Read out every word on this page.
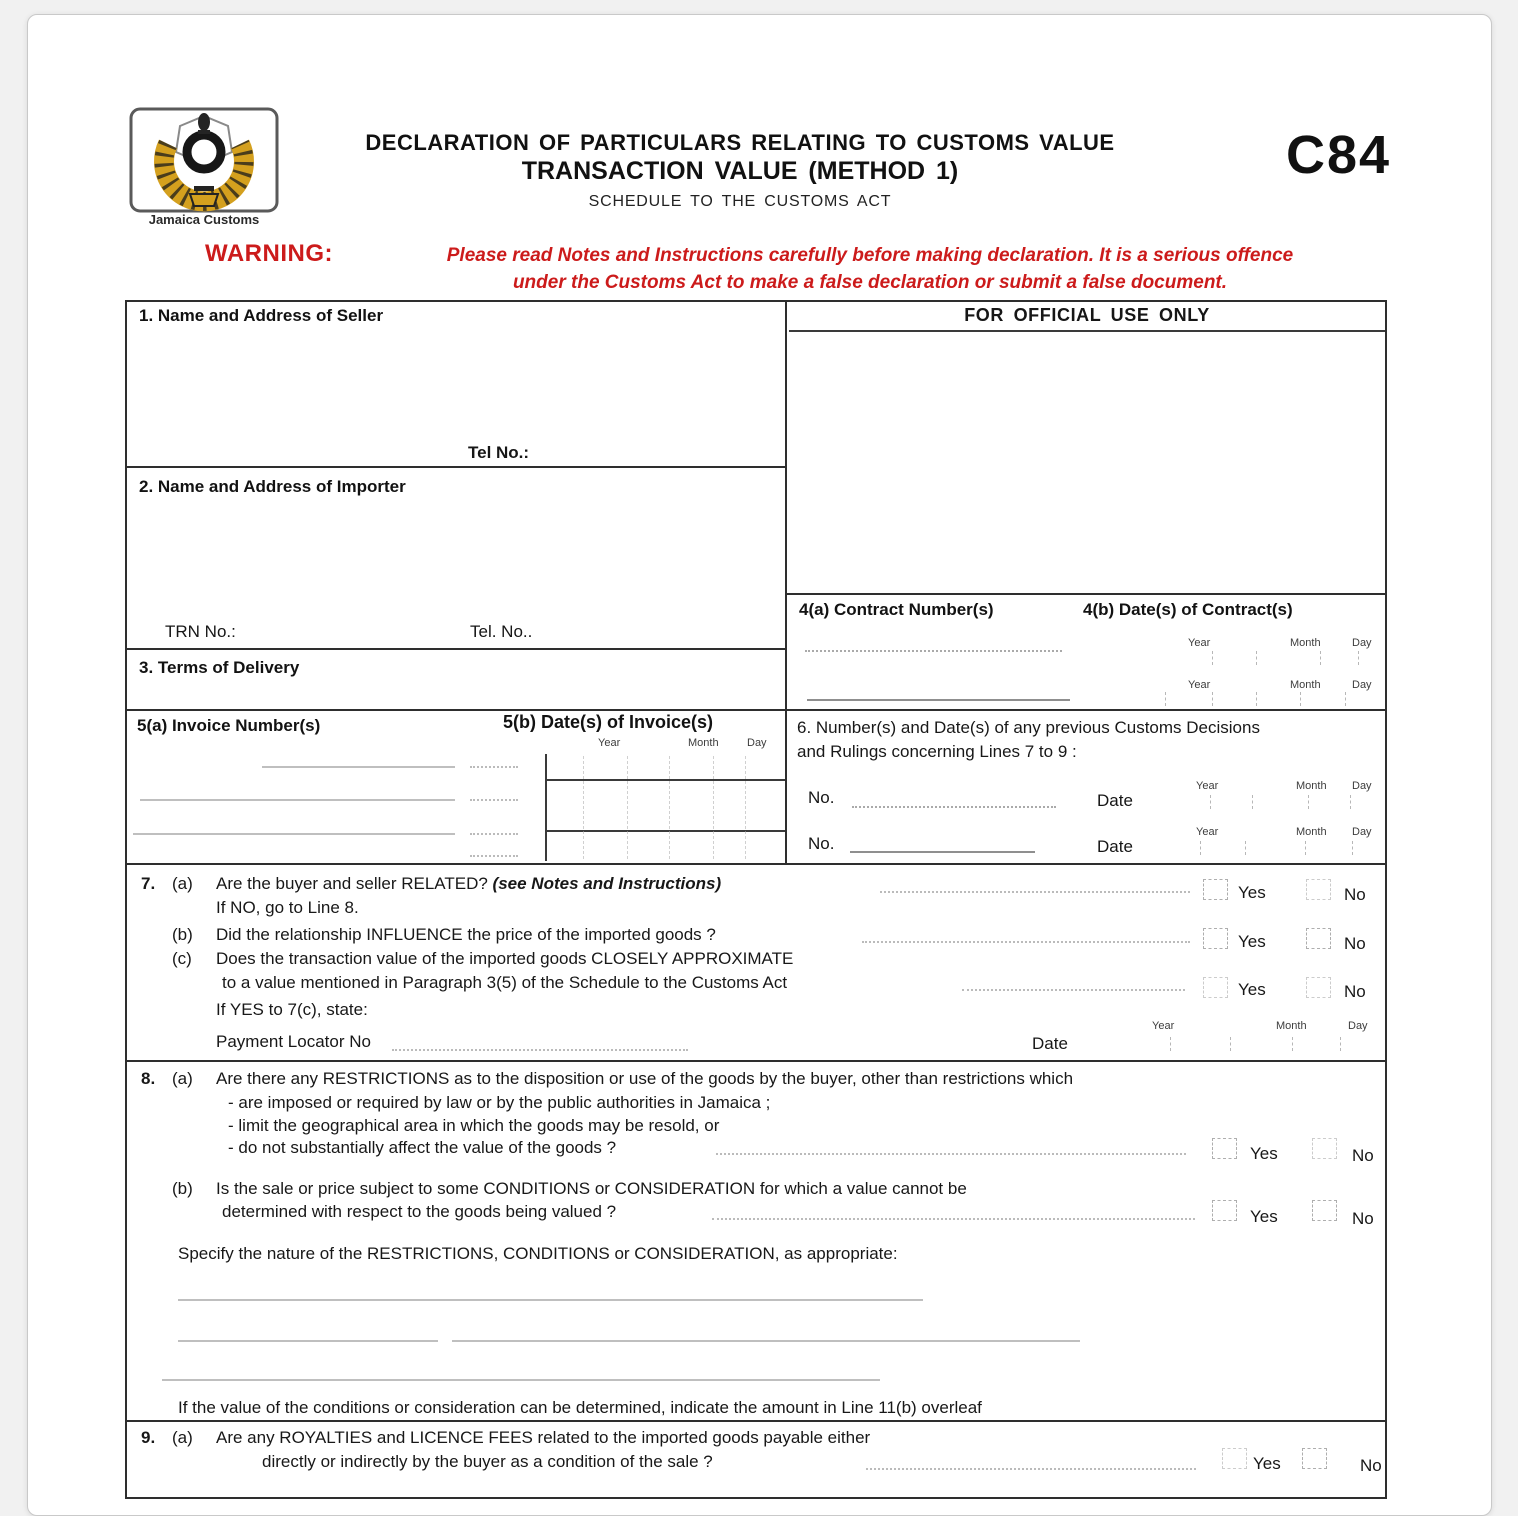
Jamaica Customs
DECLARATION OF PARTICULARS RELATING TO CUSTOMS VALUE
TRANSACTION VALUE (METHOD 1)
SCHEDULE TO THE CUSTOMS ACT
C84
WARNING:	Please read Notes and Instructions carefully before making declaration. It is a serious offence
under the Customs Act to make a false declaration or submit a false document.
1. Name and Address of Seller
Tel No.:
2. Name and Address of Importer
TRN No.:	Tel. No..
3. Terms of Delivery
4(a) Contract Number(s)	4(b) Date(s) of Contract(s)
Year	Month	Day
Year	Month	Day
5(a) Invoice Number(s)	5(b) Date(s) of Invoice(s)
Year	Month	Day
FOR OFFICIAL USE ONLY
6. Number(s) and Date(s) of any previous Customs Decisions
and Rulings concerning Lines 7 to 9 :
No.	Date
Year	Month Day
No.	Date
Year	Month Day
7. (a) Are the buyer and seller RELATED? (see Notes and Instructions)	Yes	No
If NO, go to Line 8.
(b) Did the relationship INFLUENCE the price of the imported goods ?	Yes	No
(c) Does the transaction value of the imported goods CLOSELY APPROXIMATE
to a value mentioned in Paragraph 3(5) of the Schedule to the Customs Act	Yes	No
If YES to 7(c), state:
Payment Locator No	Date
Year	Month	Day
8. (a) Are there any RESTRICTIONS as to the disposition or use of the goods by the buyer, other than restrictions which
- are imposed or required by law or by the public authorities in Jamaica ;
- limit the geographical area in which the goods may be resold, or
- do not substantially affect the value of the goods ?	Yes	No
(b) Is the sale or price subject to some CONDITIONS or CONSIDERATION for which a value cannot be
determined with respect to the goods being valued ?	Yes	No
Specify the nature of the RESTRICTIONS, CONDITIONS or CONSIDERATION, as appropriate:
If the value of the conditions or consideration can be determined, indicate the amount in Line 11(b) overleaf
9. (a) Are any ROYALTIES and LICENCE FEES related to the imported goods payable either
directly or indirectly by the buyer as a condition of the sale ?	Yes	No
